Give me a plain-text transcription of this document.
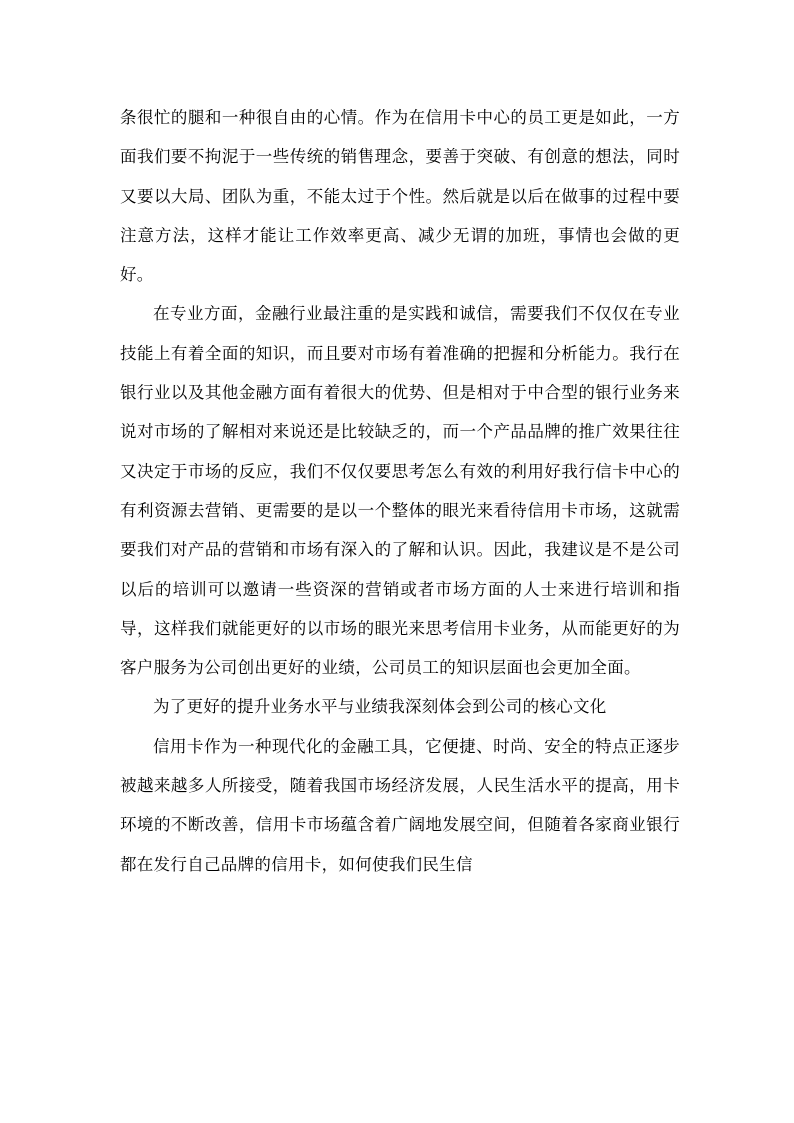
条很忙的腿和一种很自由的心情。作为在信用卡中心的员工更是如此，一方面我们要不拘泥于一些传统的销售理念，要善于突破、有创意的想法，同时又要以大局、团队为重，不能太过于个性。然后就是以后在做事的过程中要注意方法，这样才能让工作效率更高、减少无谓的加班，事情也会做的更好。

在专业方面，金融行业最注重的是实践和诚信，需要我们不仅仅在专业技能上有着全面的知识，而且要对市场有着准确的把握和分析能力。我行在银行业以及其他金融方面有着很大的优势、但是相对于中合型的银行业务来说对市场的了解相对来说还是比较缺乏的，而一个产品品牌的推广效果往往又决定于市场的反应，我们不仅仅要思考怎么有效的利用好我行信卡中心的有利资源去营销、更需要的是以一个整体的眼光来看待信用卡市场，这就需要我们对产品的营销和市场有深入的了解和认识。因此，我建议是不是公司以后的培训可以邀请一些资深的营销或者市场方面的人士来进行培训和指导，这样我们就能更好的以市场的眼光来思考信用卡业务，从而能更好的为客户服务为公司创出更好的业绩，公司员工的知识层面也会更加全面。

为了更好的提升业务水平与业绩我深刻体会到公司的核心文化

信用卡作为一种现代化的金融工具，它便捷、时尚、安全的特点正逐步被越来越多人所接受，随着我国市场经济发展，人民生活水平的提高，用卡环境的不断改善，信用卡市场蕴含着广阔地发展空间，但随着各家商业银行都在发行自己品牌的信用卡，如何使我们民生信
